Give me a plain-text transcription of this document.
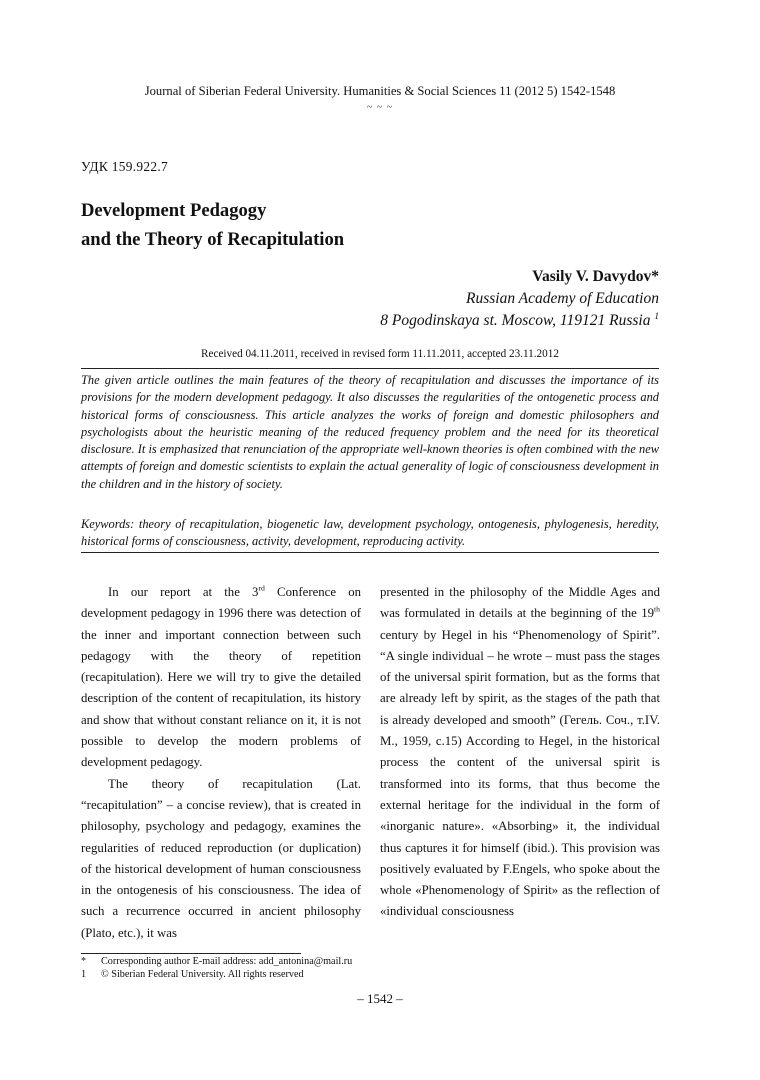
Journal of Siberian Federal University. Humanities & Social Sciences 11 (2012 5) 1542-1548
~ ~ ~
УДК 159.922.7
Development Pedagogy
and the Theory of Recapitulation
Vasily V. Davydov*
Russian Academy of Education
8 Pogodinskaya st. Moscow, 119121 Russia $^1$
Received 04.11.2011, received in revised form 11.11.2011, accepted 23.11.2012
The given article outlines the main features of the theory of recapitulation and discusses the importance of its provisions for the modern development pedagogy. It also discusses the regularities of the ontogenetic process and historical forms of consciousness. This article analyzes the works of foreign and domestic philosophers and psychologists about the heuristic meaning of the reduced frequency problem and the need for its theoretical disclosure. It is emphasized that renunciation of the appropriate well-known theories is often combined with the new attempts of foreign and domestic scientists to explain the actual generality of logic of consciousness development in the children and in the history of society.
Keywords: theory of recapitulation, biogenetic law, development psychology, ontogenesis, phylogenesis, heredity, historical forms of consciousness, activity, development, reproducing activity.

In our report at the 3rd Conference on development pedagogy in 1996 there was detection of the inner and important connection between such pedagogy with the theory of repetition (recapitulation). Here we will try to give the detailed description of the content of recapitulation, its history and show that without constant reliance on it, it is not possible to develop the modern problems of development pedagogy.

The theory of recapitulation (Lat. “recapitulation” – a concise review), that is created in philosophy, psychology and pedagogy, examines the regularities of reduced reproduction (or duplication) of the historical development of human consciousness in the ontogenesis of his consciousness. The idea of such a recurrence occurred in ancient philosophy (Plato, etc.), it was

presented in the philosophy of the Middle Ages and was formulated in details at the beginning of the 19th century by Hegel in his “Phenomenology of Spirit”. “A single individual – he wrote – must pass the stages of the universal spirit formation, but as the forms that are already left by spirit, as the stages of the path that is already developed and smooth” (Гегель. Соч., т.IV. М., 1959, с.15) According to Hegel, in the historical process the content of the universal spirit is transformed into its forms, that thus become the external heritage for the individual in the form of «inorganic nature». «Absorbing» it, the individual thus captures it for himself (ibid.). This provision was positively evaluated by F.Engels, who spoke about the whole «Phenomenology of Spirit» as the reflection of «individual consciousness

*	Corresponding author E-mail address: add_antonina@mail.ru
1	© Siberian Federal University. All rights reserved
– 1542 –
